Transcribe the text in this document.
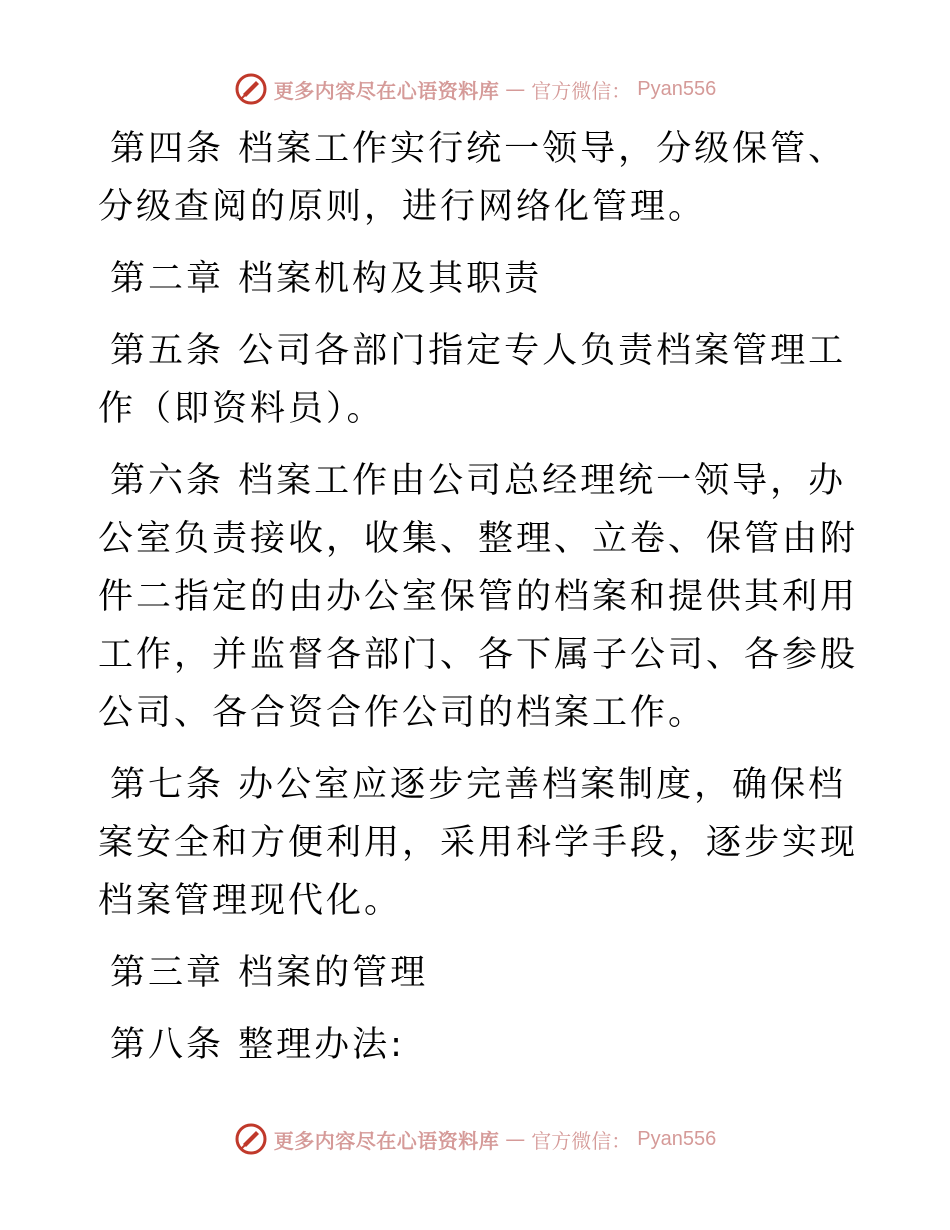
更多内容尽在心语资料库 — 官方微信： Pyan556

第四条 档案工作实行统一领导，分级保管、分级查阅的原则，进行网络化管理。

第二章 档案机构及其职责

第五条 公司各部门指定专人负责档案管理工作（即资料员）。

第六条 档案工作由公司总经理统一领导，办公室负责接收，收集、整理、立卷、保管由附件二指定的由办公室保管的档案和提供其利用工作，并监督各部门、各下属子公司、各参股公司、各合资合作公司的档案工作。

第七条 办公室应逐步完善档案制度，确保档案安全和方便利用，采用科学手段，逐步实现档案管理现代化。

第三章 档案的管理

第八条 整理办法:

更多内容尽在心语资料库 — 官方微信： Pyan556
